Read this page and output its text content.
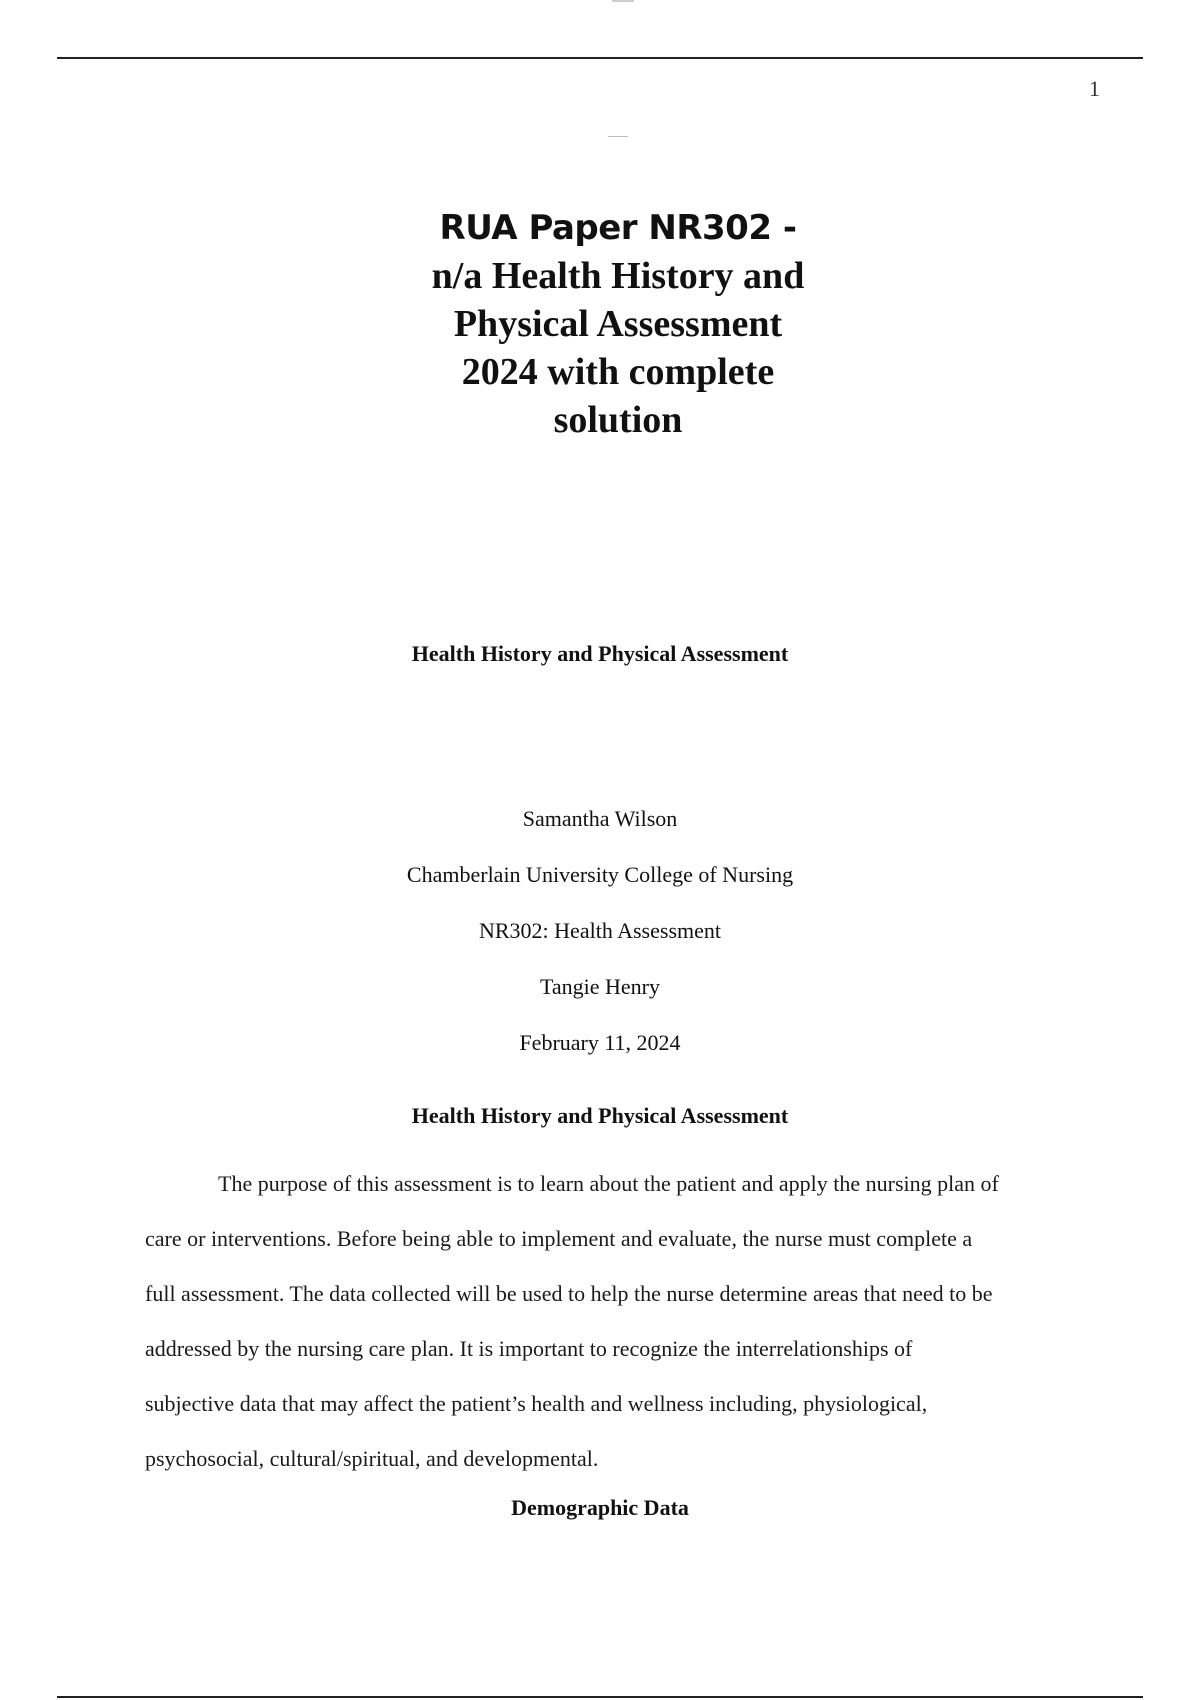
1
RUA Paper NR302 -
n/a Health History and
Physical Assessment
2024 with complete
solution
Health History and Physical Assessment
Samantha Wilson
Chamberlain University College of Nursing
NR302: Health Assessment
Tangie Henry
February 11, 2024
Health History and Physical Assessment

The purpose of this assessment is to learn about the patient and apply the nursing plan of

care or interventions. Before being able to implement and evaluate, the nurse must complete a

full assessment. The data collected will be used to help the nurse determine areas that need to be

addressed by the nursing care plan. It is important to recognize the interrelationships of

subjective data that may affect the patient’s health and wellness including, physiological,

psychosocial, cultural/spiritual, and developmental.

Demographic Data
